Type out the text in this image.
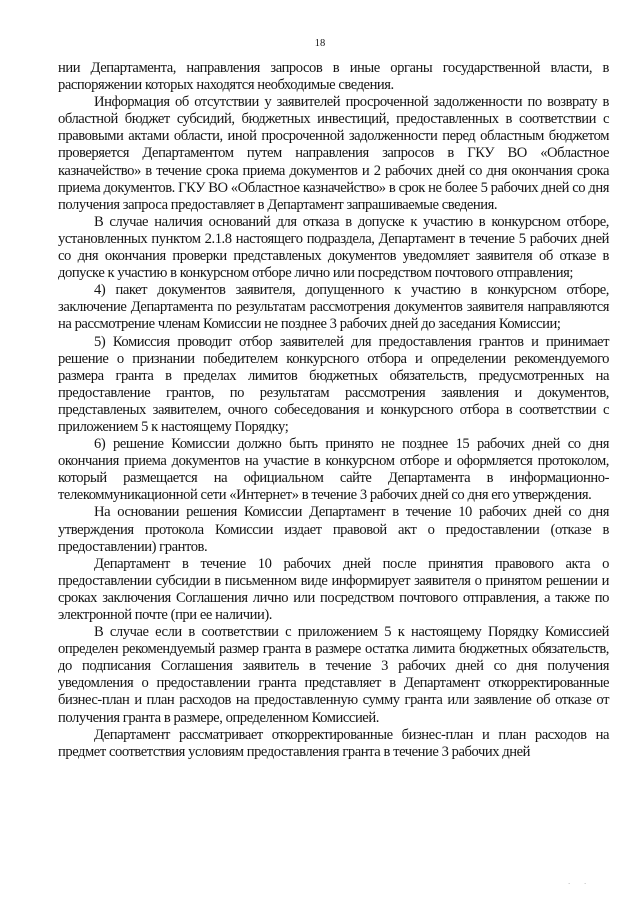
18

нии Департамента, направления запросов в иные органы государственной власти, в распоряжении которых находятся необходимые сведения.

Информация об отсутствии у заявителей просроченной задолженности по возврату в областной бюджет субсидий, бюджетных инвестиций, предоставленных в соответствии с правовыми актами области, иной просроченной задолженности перед областным бюджетом проверяется Департаментом путем направления запросов в ГКУ ВО «Областное казначейство» в течение срока приема документов и 2 рабочих дней со дня окончания срока приема документов. ГКУ ВО «Областное казначейство» в срок не более 5 рабочих дней со дня получения запроса предоставляет в Департамент запрашиваемые сведения.

В случае наличия оснований для отказа в допуске к участию в конкурсном отборе, установленных пунктом 2.1.8 настоящего подраздела, Департамент в течение 5 рабочих дней со дня окончания проверки представленых документов уведомляет заявителя об отказе в допуске к участию в конкурсном отборе лично или посредством почтового отправления;

4) пакет документов заявителя, допущенного к участию в конкурсном отборе, заключение Департамента по результатам рассмотрения документов заявителя направляются на рассмотрение членам Комиссии не позднее 3 рабочих дней до заседания Комиссии;

5) Комиссия проводит отбор заявителей для предоставления грантов и принимает решение о признании победителем конкурсного отбора и определении рекомендуемого размера гранта в пределах лимитов бюджетных обязательств, предусмотренных на предоставление грантов, по результатам рассмотрения заявления и документов, представленых заявителем, очного собеседования и конкурсного отбора в соответствии с приложением 5 к настоящему Порядку;

6) решение Комиссии должно быть принято не позднее 15 рабочих дней со дня окончания приема документов на участие в конкурсном отборе и оформляется протоколом, который размещается на официальном сайте Департамента в информационно-телекоммуникационной сети «Интернет» в течение 3 рабочих дней со дня его утверждения.

На основании решения Комиссии Департамент в течение 10 рабочих дней со дня утверждения протокола Комиссии издает правовой акт о предоставлении (отказе в предоставлении) грантов.

Департамент в течение 10 рабочих дней после принятия правового акта о предоставлении субсидии в письменном виде информирует заявителя о принятом решении и сроках заключения Соглашения лично или посредством почтового отправления, а также по электронной почте (при ее наличии).

В случае если в соответствии с приложением 5 к настоящему Порядку Комиссией определен рекомендуемый размер гранта в размере остатка лимита бюджетных обязательств, до подписания Соглашения заявитель в течение 3 рабочих дней со дня получения уведомления о предоставлении гранта представляет в Департамент откорректированные бизнес-план и план расходов на предоставленную сумму гранта или заявление об отказе от получения гранта в размере, определенном Комиссией.

Департамент рассматривает откорректированные бизнес-план и план расходов на предмет соответствия условиям предоставления гранта в течение 3 рабочих дней

· ·
